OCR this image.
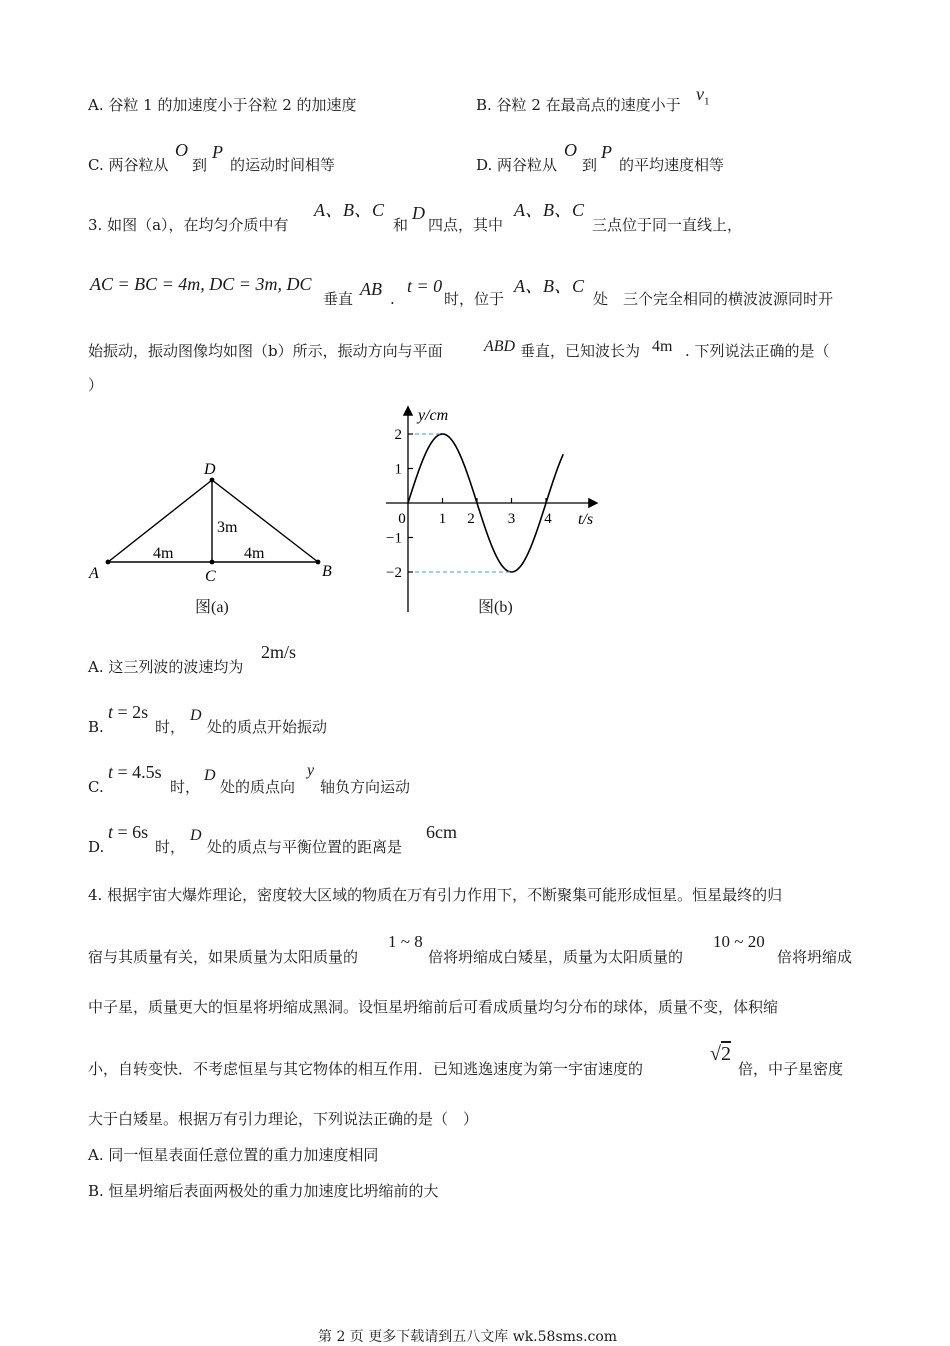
A. 谷粒 1 的加速度小于谷粒 2 的加速度	B. 谷粒 2 在最高点的速度小于
$v_1$
C. 两谷粒从
O
到
P
的运动时间相等	D. 两谷粒从
O
到
P
的平均速度相等
3. 如图（a），在均匀介质中有
A、B、C
和
D
四点，其中
A、B、C
三点位于同一直线上，
AC = BC = 4m, DC = 3m, DC
垂直 AB .
t = 0
时，位于
A、B、C
处　三个完全相同的横波波源同时开
始振动，振动图像均如图（b）所示，振动方向与平面	ABD 垂直，已知波长为 4m . 下列说法正确的是（
）
A	B
C
D
4m	4m
3m
图(a)
y/cm
t/s
2
1
−1
−2
0 1 2 3 4
图(b)
A. 这三列波的波速均为
2m/s
B.
t = 2s
时，
D
处的质点开始振动
C.
t = 4.5s
时，
D
处的质点向
y
轴负方向运动
D.
t = 6s
时，
D
处的质点与平衡位置的距离是
6cm
4. 根据宇宙大爆炸理论，密度较大区域的物质在万有引力作用下，不断聚集可能形成恒星。恒星最终的归
宿与其质量有关，如果质量为太阳质量的
1 ~ 8
倍将坍缩成白矮星，质量为太阳质量的
10 ~ 20
倍将坍缩成
中子星，质量更大的恒星将坍缩成黑洞。设恒星坍缩前后可看成质量均匀分布的球体，质量不变，体积缩
小，自转变快．不考虑恒星与其它物体的相互作用．已知逃逸速度为第一宇宙速度的
√2
倍，中子星密度
大于白矮星。根据万有引力理论，下列说法正确的是（　）
A. 同一恒星表面任意位置的重力加速度相同
B. 恒星坍缩后表面两极处的重力加速度比坍缩前的大
第 2 页 更多下载请到五八文库 wk.58sms.com
